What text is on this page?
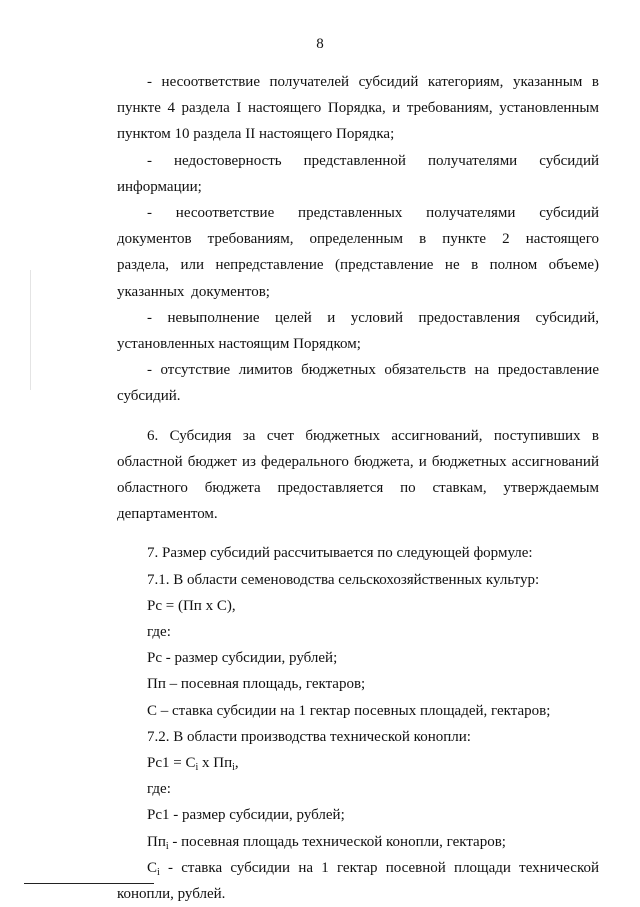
8

- несоответствие получателей субсидий категориям, указанным в пункте 4 раздела I настоящего Порядка, и требованиям, установленным пунктом 10 раздела II настоящего Порядка;

- недостоверность представленной получателями субсидий информации;

- несоответствие представленных получателями субсидий документов требованиям, определенным в пункте 2 настоящего раздела, или непредставление (представление не в полном объеме) указанных документов;

- невыполнение целей и условий предоставления субсидий, установленных настоящим Порядком;

- отсутствие лимитов бюджетных обязательств на предоставление субсидий.

6. Субсидия за счет бюджетных ассигнований, поступивших в областной бюджет из федерального бюджета, и бюджетных ассигнований областного бюджета предоставляется по ставкам, утверждаемым департаментом.

7. Размер субсидий рассчитывается по следующей формуле:

7.1. В области семеноводства сельскохозяйственных культур:

Рс = (Пп х С),

где:

Рс - размер субсидии, рублей;

Пп – посевная площадь, гектаров;

С – ставка субсидии на 1 гектар посевных площадей, гектаров;

7.2. В области производства технической конопли:

$Рс1 = С_i$ х $Пп_i$,

где:

Рс1 - размер субсидии, рублей;

$Пп_i$ - посевная площадь технической конопли, гектаров;

$С_i$ - ставка субсидии на 1 гектар посевной площади технической конопли, рублей.
